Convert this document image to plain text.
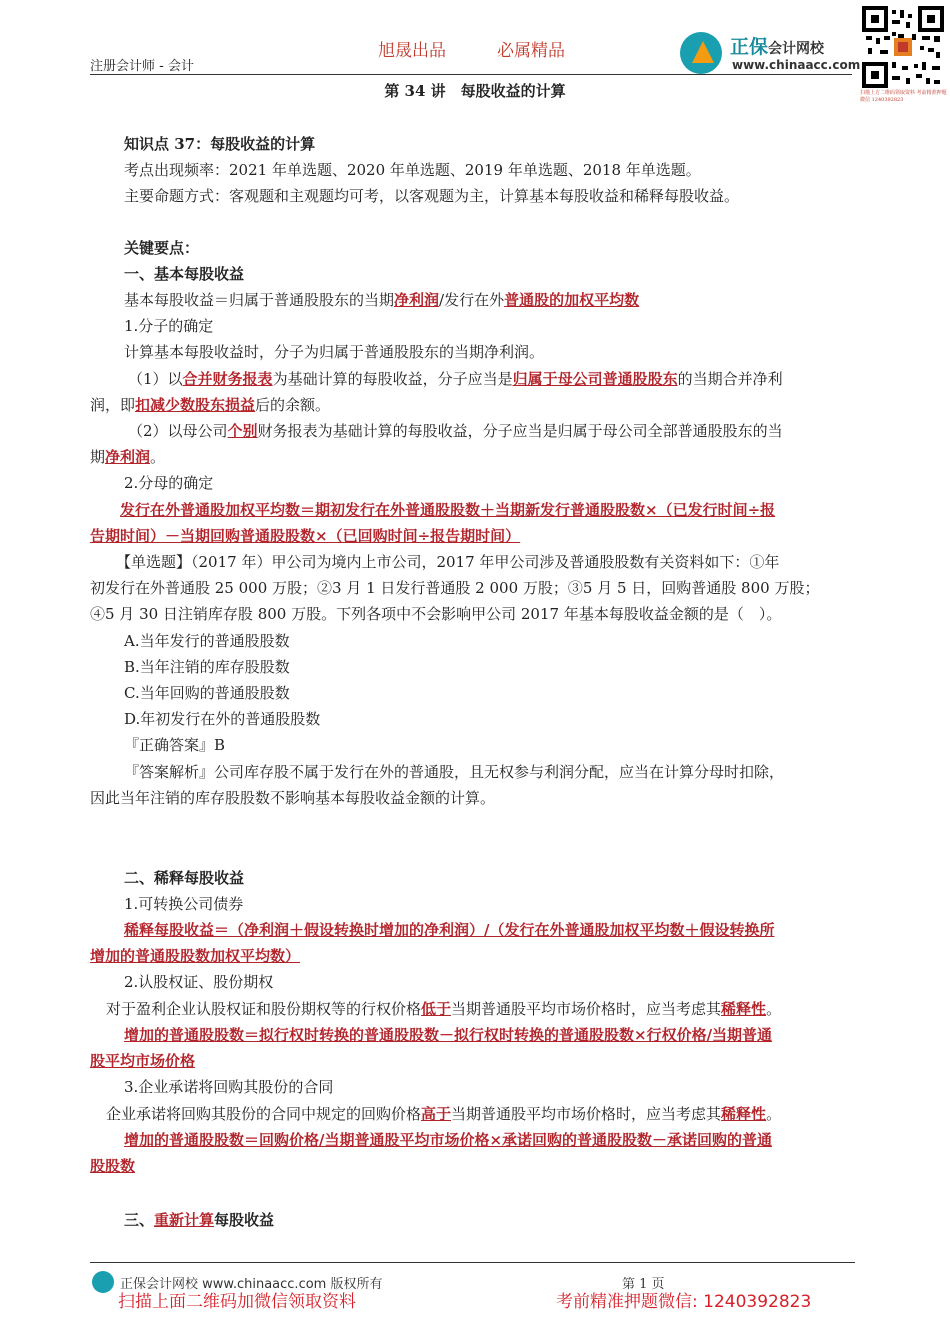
注册会计师 - 会计
旭晟出品	必属精品	正保会计网校
www.chinaacc.com
扫描上方二维码领取资料 考前精准押题微信 1240392823
第 34 讲　每股收益的计算
知识点 37：每股收益的计算
考点出现频率：2021 年单选题、2020 年单选题、2019 年单选题、2018 年单选题。
主要命题方式：客观题和主观题均可考，以客观题为主，计算基本每股收益和稀释每股收益。
关键要点：
一、基本每股收益
基本每股收益＝归属于普通股股东的当期净利润/发行在外普通股的加权平均数
1.分子的确定
计算基本每股收益时，分子为归属于普通股股东的当期净利润。
（1）以合并财务报表为基础计算的每股收益，分子应当是归属于母公司普通股股东的当期合并净利
润，即扣减少数股东损益后的余额。
（2）以母公司个别财务报表为基础计算的每股收益，分子应当是归属于母公司全部普通股股东的当
期净利润。
2.分母的确定
发行在外普通股加权平均数＝期初发行在外普通股股数＋当期新发行普通股股数×（已发行时间÷报
告期时间）－当期回购普通股股数×（已回购时间÷报告期时间）
【单选题】（2017 年）甲公司为境内上市公司，2017 年甲公司涉及普通股股数有关资料如下：①年
初发行在外普通股 25 000 万股；②3 月 1 日发行普通股 2 000 万股；③5 月 5 日，回购普通股 800 万股；
④5 月 30 日注销库存股 800 万股。下列各项中不会影响甲公司 2017 年基本每股收益金额的是（　）。
A.当年发行的普通股股数
B.当年注销的库存股股数
C.当年回购的普通股股数
D.年初发行在外的普通股股数
『正确答案』B
『答案解析』公司库存股不属于发行在外的普通股，且无权参与利润分配，应当在计算分母时扣除，
因此当年注销的库存股股数不影响基本每股收益金额的计算。
二、稀释每股收益
1.可转换公司债券
稀释每股收益＝（净利润＋假设转换时增加的净利润）/（发行在外普通股加权平均数＋假设转换所
增加的普通股股数加权平均数）
2.认股权证、股份期权
对于盈利企业认股权证和股份期权等的行权价格低于当期普通股平均市场价格时，应当考虑其稀释性。
增加的普通股股数＝拟行权时转换的普通股股数－拟行权时转换的普通股股数×行权价格/当期普通
股平均市场价格
3.企业承诺将回购其股份的合同
企业承诺将回购其股份的合同中规定的回购价格高于当期普通股平均市场价格时，应当考虑其稀释性。
增加的普通股股数＝回购价格/当期普通股平均市场价格×承诺回购的普通股股数－承诺回购的普通
股股数
三、重新计算每股收益
正保会计网校 www.chinaacc.com 版权所有	第 1 页
扫描上面二维码加微信领取资料	考前精准押题微信: 1240392823
